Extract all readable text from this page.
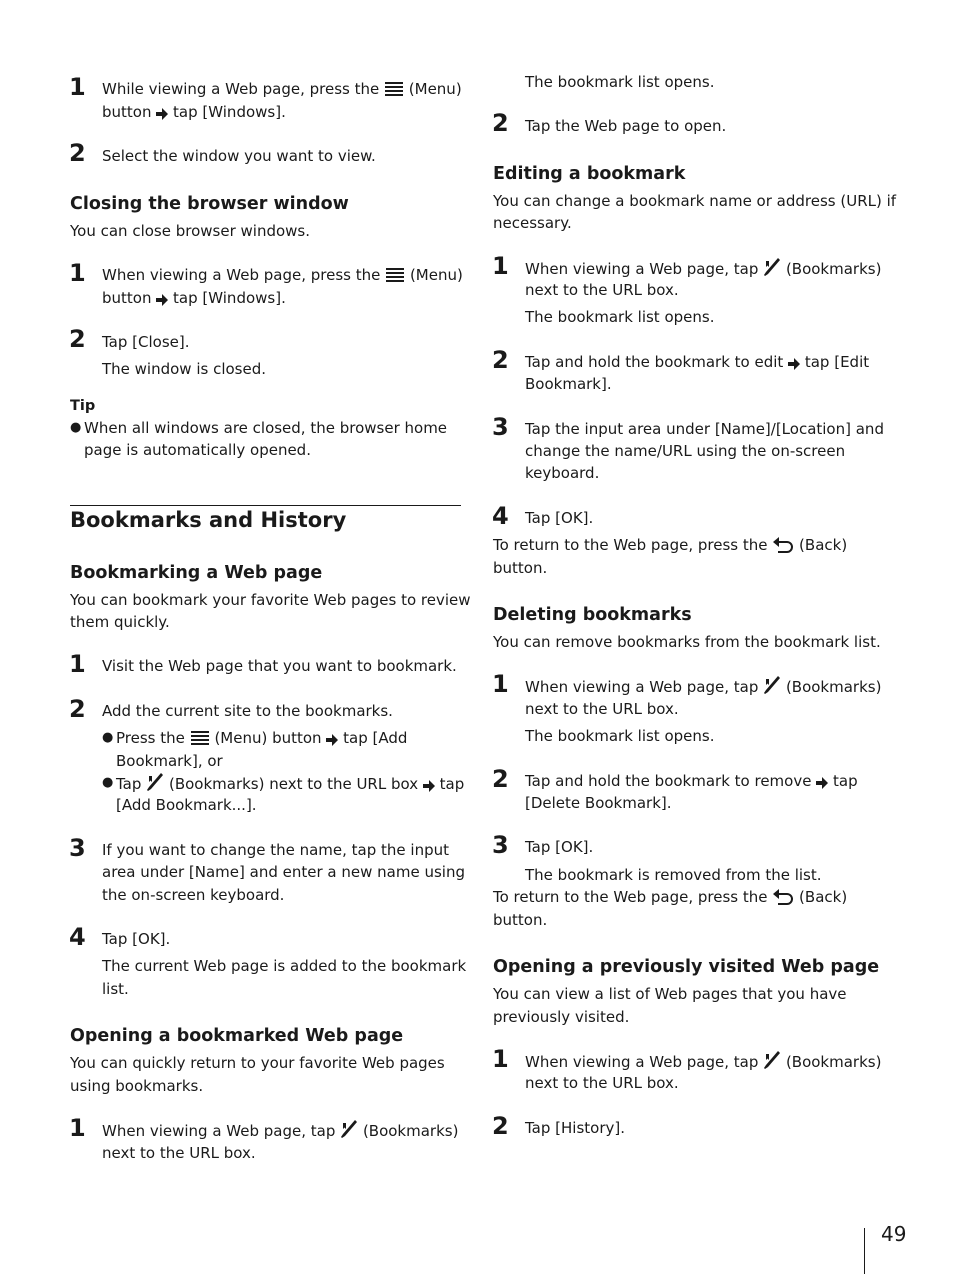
1 While viewing a Web page, press the (Menu)
button tap [Windows].
2 Select the window you want to view.
Closing the browser window
You can close browser windows.
1 When viewing a Web page, press the (Menu)
button tap [Windows].
2 Tap [Close].
The window is closed.
Tip
● When all windows are closed, the browser home
page is automatically opened.
Bookmarks and History
Bookmarking a Web page
You can bookmark your favorite Web pages to review
them quickly.
1 Visit the Web page that you want to bookmark.
2 Add the current site to the bookmarks.
● Press the (Menu) button tap [Add
Bookmark], or
● Tap (Bookmarks) next to the URL box tap
[Add Bookmark...].
3 If you want to change the name, tap the input
area under [Name] and enter a new name using
the on-screen keyboard.
4 Tap [OK].
The current Web page is added to the bookmark
list.
Opening a bookmarked Web page
You can quickly return to your favorite Web pages
using bookmarks.
1 When viewing a Web page, tap (Bookmarks)
next to the URL box.
The bookmark list opens.
2 Tap the Web page to open.
Editing a bookmark
You can change a bookmark name or address (URL) if
necessary.
1 When viewing a Web page, tap (Bookmarks)
next to the URL box.
The bookmark list opens.
2 Tap and hold the bookmark to edit tap [Edit
Bookmark].
3 Tap the input area under [Name]/[Location] and
change the name/URL using the on-screen
keyboard.
4 Tap [OK].
To return to the Web page, press the (Back)
button.
Deleting bookmarks
You can remove bookmarks from the bookmark list.
1 When viewing a Web page, tap (Bookmarks)
next to the URL box.
The bookmark list opens.
2 Tap and hold the bookmark to remove tap
[Delete Bookmark].
3 Tap [OK].
The bookmark is removed from the list.
To return to the Web page, press the (Back)
button.
Opening a previously visited Web page
You can view a list of Web pages that you have
previously visited.
1 When viewing a Web page, tap (Bookmarks)
next to the URL box.
2 Tap [History].
49
